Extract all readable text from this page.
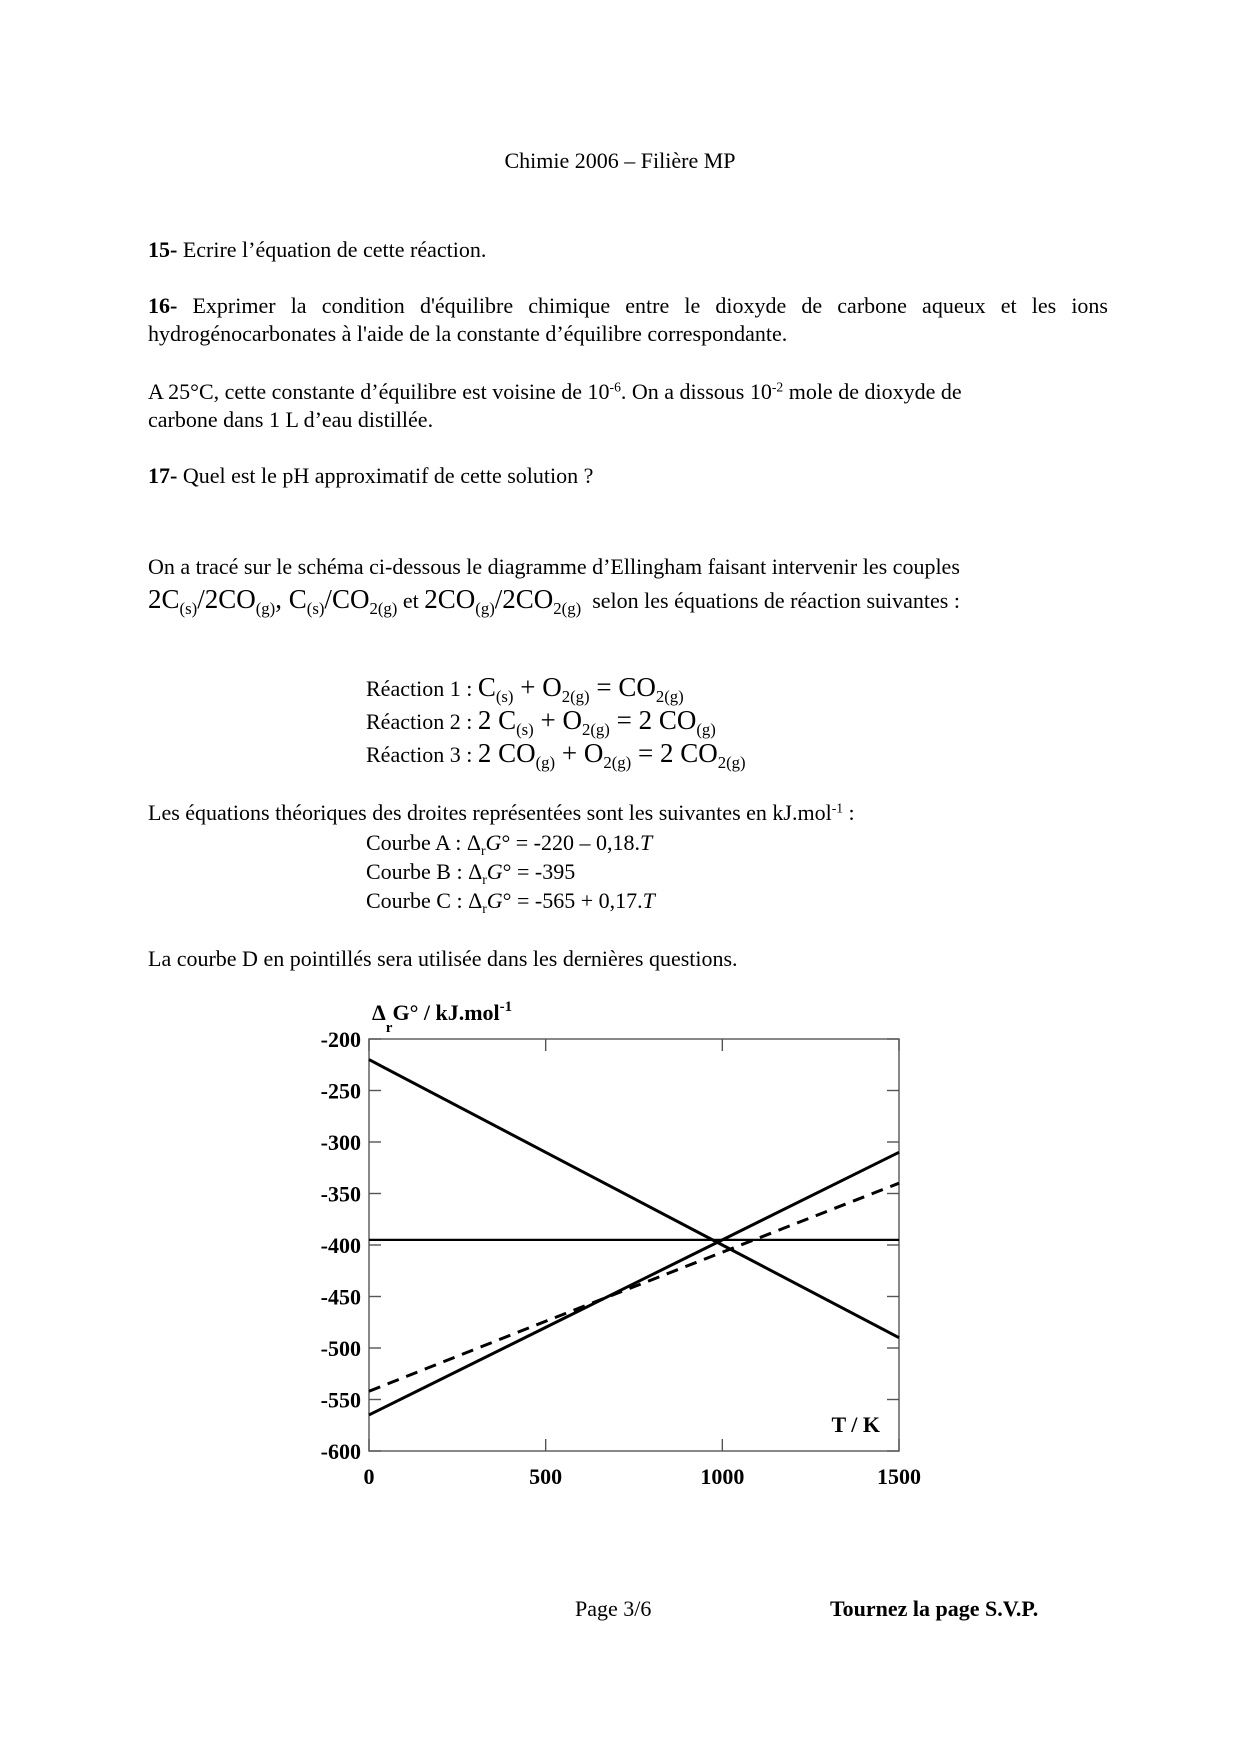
Chimie 2006 – Filière MP
15- Ecrire l’équation de cette réaction.
16- Exprimer la condition d'équilibre chimique entre le dioxyde de carbone aqueux et les ions hydrogénocarbonates à l'aide de la constante d’équilibre correspondante.
A 25°C, cette constante d’équilibre est voisine de $10^{-6}$. On a dissous $10^{-2}$ mole de dioxyde de
carbone dans 1 L d’eau distillée.
17- Quel est le pH approximatif de cette solution ?
On a tracé sur le schéma ci-dessous le diagramme d’Ellingham faisant intervenir les couples
$2C_{(s)}/2CO_{(g)}$, $C_{(s)}/CO_{2(g)}$ et $2CO_{(g)}/2CO_{2(g)}$  selon les équations de réaction suivantes :
Réaction 1 : $C_{(s)} + O_{2(g)} = CO_{2(g)}$
Réaction 2 : 2 $C_{(s)} + O_{2(g)} = 2$ $CO_{(g)}$
Réaction 3 : 2 $CO_{(g)} + O_{2(g)} = 2$ $CO_{2(g)}$
Les équations théoriques des droites représentées sont les suivantes en kJ.mol$^{-1}$ :
Courbe A : $\Delta_rG^\circ = -220 - 0,18.T$
Courbe B : $\Delta_rG^\circ = -395$
Courbe C : $\Delta_rG^\circ = -565 + 0,17.T$
La courbe D en pointillés sera utilisée dans les dernières questions.
-200
-250
-300
-350
-400
-450
-500
-550
-600
0	500	1000	1500
$\Delta_rG^\circ / kJ.mol^{-1}$
T / K
Page 3/6	Tournez la page S.V.P.
